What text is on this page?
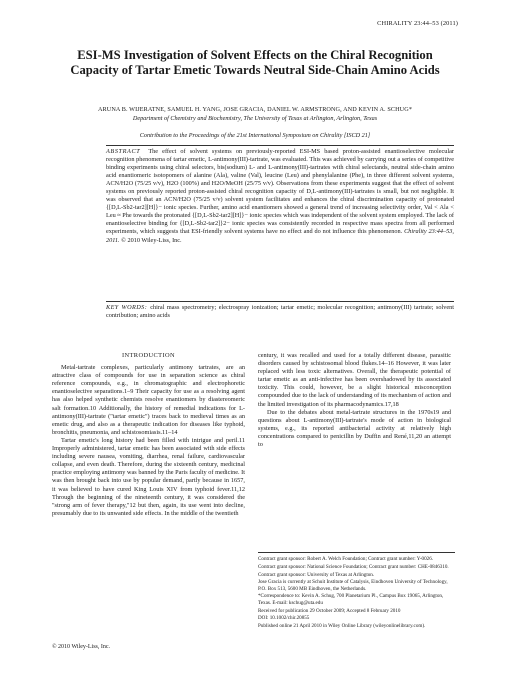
CHIRALITY 23:44–53 (2011)
ESI-MS Investigation of Solvent Effects on the Chiral Recognition Capacity of Tartar Emetic Towards Neutral Side-Chain Amino Acids
ARUNA B. WIJERATNE, SAMUEL H. YANG, JOSE GRACIA, DANIEL W. ARMSTRONG, AND KEVIN A. SCHUG*
Department of Chemistry and Biochemistry, The University of Texas at Arlington, Arlington, Texas
Contribution to the Proceedings of the 21st International Symposium on Chirality [ISCD 21]

ABSTRACT The effect of solvent systems on previously-reported ESI-MS based proton-assisted enantioselective molecular recognition phenomena of tartar emetic, L-antimony(III)-tartrate, was evaluated. This was achieved by carrying out a series of competitive binding experiments using chiral selectors, bis(sodium) L- and L-antimony(III)-tartrates with chiral selectands, neutral side-chain amino acid enantiomeric isotopomers of alanine (Ala), valine (Val), leucine (Leu) and phenylalanine (Phe), in three different solvent systems, ACN/H2O (75/25 v/v), H2O (100%) and H2O/MeOH (25/75 v/v). Observations from these experiments suggest that the effect of solvent systems on previously reported proton-assisted chiral recognition capacity of D,L-antimony(III)-tartrates is small, but not negligible. It was observed that an ACN/H2O (75/25 v/v) solvent system facilitates and enhances the chiral discrimination capacity of protonated {[D,L-Sb2-tar2][H]}− ionic species. Further, amino acid enantiomers showed a general trend of increasing selectivity order, Val < Ala < Leu ≈ Phe towards the protonated {[D,L-Sb2-tar2][H]}− ionic species which was independent of the solvent system employed. The lack of enantioselective binding for {[D,L-Sb2-tar2]}2− ionic species was consistently recorded in respective mass spectra from all performed experiments, which suggests that ESI-friendly solvent systems have no effect and do not influence this phenomenon. Chirality 23:44–53, 2011. © 2010 Wiley-Liss, Inc.

KEY WORDS: chiral mass spectrometry; electrospray ionization; tartar emetic; molecular recognition; antimony(III) tartrate; solvent contribution; amino acids

INTRODUCTION

Metal-tartrate complexes, particularly antimony tartrates, are an attractive class of compounds for use in separation science as chiral reference compounds, e.g., in chromatographic and electrophoretic enantioselective separations.1–9 Their capacity for use as a resolving agent has also helped synthetic chemists resolve enantiomers by diastereomeric salt formation.10 Additionally, the history of remedial indications for L-antimony(III)-tartrate ("tartar emetic") traces back to medieval times as an emetic drug, and also as a therapeutic indication for diseases like typhoid, bronchitis, pneumonia, and schistosomiasis.11–14

Tartar emetic's long history had been filled with intrigue and peril.11 Improperly administered, tartar emetic has been associated with side effects including severe nausea, vomiting, diarrhea, renal failure, cardiovascular collapse, and even death. Therefore, during the sixteenth century, medicinal practice employing antimony was banned by the Paris faculty of medicine. It was then brought back into use by popular demand, partly because in 1657, it was believed to have cured King Louis XIV from typhoid fever.11,12 Through the beginning of the nineteenth century, it was considered the "strong arm of fever therapy,"12 but then, again, its use went into decline, presumably due to its unwanted side effects. In the middle of the twentieth

century, it was recalled and used for a totally different disease, parasitic disorders caused by schistosomal blood flukes.14–16 However, it was later replaced with less toxic alternatives. Overall, the therapeutic potential of tartar emetic as an anti-infective has been overshadowed by its associated toxicity. This could, however, be a slight historical misconception compounded due to the lack of understanding of its mechanism of action and the limited investigation of its pharmacodynamics.17,18

Due to the debates about metal-tartrate structures in the 1970s19 and questions about L-antimony(III)-tartrate's mode of action in biological systems, e.g., its reported antibacterial activity at relatively high concentrations compared to penicillin by Duffin and René,11,20 an attempt to

Contract grant sponsor: Robert A. Welch Foundation; Contract grant number: Y-0026.

Contract grant sponsor: National Science Foundation; Contract grant number: CHE-0846310.

Contract grant sponsor: University of Texas at Arlington.

Jose Gracia is currently at Schuit Institute of Catalysis, Eindhoven University of Technology, P.O. Box 513, 5600 MB Eindhoven, the Netherlands.

*Correspondence to: Kevin A. Schug, 700 Planetarium Pl., Campus Box 19065, Arlington, Texas. E-mail: kschug@uta.edu

Received for publication 29 October 2009; Accepted 8 February 2010

DOI: 10.1002/chir.20855

Published online 21 April 2010 in Wiley Online Library (wileyonlinelibrary.com).

© 2010 Wiley-Liss, Inc.
